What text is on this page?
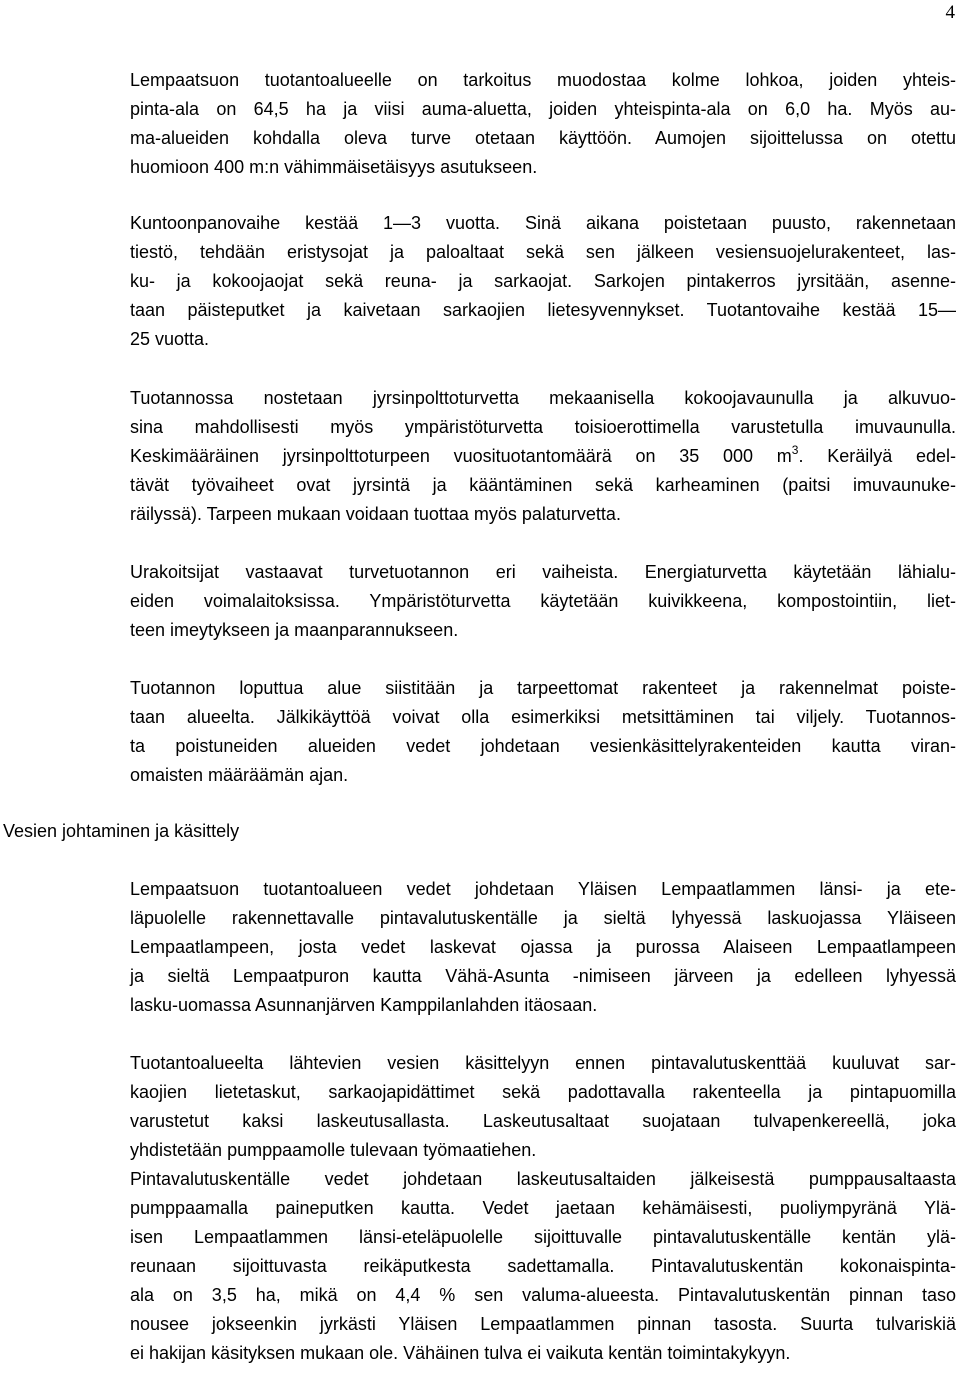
4
Lempaatsuon tuotantoalueelle on tarkoitus muodostaa kolme lohkoa, joiden yhteis-
pinta-ala on 64,5 ha ja viisi auma-aluetta, joiden yhteispinta-ala on 6,0 ha. Myös au-
ma-alueiden kohdalla oleva turve otetaan käyttöön. Aumojen sijoittelussa on otettu
huomioon 400 m:n vähimmäisetäisyys asutukseen.
Kuntoonpanovaihe kestää 1—3 vuotta. Sinä aikana poistetaan puusto, rakennetaan
tiestö, tehdään eristysojat ja paloaltaat sekä sen jälkeen vesiensuojelurakenteet, las-
ku- ja kokoojaojat sekä reuna- ja sarkaojat. Sarkojen pintakerros jyrsitään, asenne-
taan päisteputket ja kaivetaan sarkaojien lietesyvennykset. Tuotantovaihe kestää 15—
25 vuotta.
Tuotannossa nostetaan jyrsinpolttoturvetta mekaanisella kokoojavaunulla ja alkuvuo-
sina mahdollisesti myös ympäristöturvetta toisioerottimella varustetulla imuvaunulla.
Keskimääräinen jyrsinpolttoturpeen vuosituotantomäärä on 35 000 $m^3$. Keräilyä edel-
tävät työvaiheet ovat jyrsintä ja kääntäminen sekä karheaminen (paitsi imuvaunuke-
räilyssä). Tarpeen mukaan voidaan tuottaa myös palaturvetta.
Urakoitsijat vastaavat turvetuotannon eri vaiheista. Energiaturvetta käytetään lähialu-
eiden voimalaitoksissa. Ympäristöturvetta käytetään kuivikkeena, kompostointiin, liet-
teen imeytykseen ja maanparannukseen.
Tuotannon loputtua alue siistitään ja tarpeettomat rakenteet ja rakennelmat poiste-
taan alueelta. Jälkikäyttöä voivat olla esimerkiksi metsittäminen tai viljely. Tuotannos-
ta poistuneiden alueiden vedet johdetaan vesienkäsittelyrakenteiden kautta viran-
omaisten määräämän ajan.
Vesien johtaminen ja käsittely
Lempaatsuon tuotantoalueen vedet johdetaan Yläisen Lempaatlammen länsi- ja ete-
läpuolelle rakennettavalle pintavalutuskentälle ja sieltä lyhyessä laskuojassa Yläiseen
Lempaatlampeen, josta vedet laskevat ojassa ja purossa Alaiseen Lempaatlampeen
ja sieltä Lempaatpuron kautta Vähä-Asunta -nimiseen järveen ja edelleen lyhyessä
lasku-uomassa Asunnanjärven Kamppilanlahden itäosaan.
Tuotantoalueelta lähtevien vesien käsittelyyn ennen pintavalutuskenttää kuuluvat sar-
kaojien lietetaskut, sarkaojapidättimet sekä padottavalla rakenteella ja pintapuomilla
varustetut kaksi laskeutusallasta. Laskeutusaltaat suojataan tulvapenkereellä, joka
yhdistetään pumppaamolle tulevaan työmaatiehen.
Pintavalutuskentälle vedet johdetaan laskeutusaltaiden jälkeisestä pumppausaltaasta
pumppaamalla paineputken kautta. Vedet jaetaan kehämäisesti, puoliympyränä Ylä-
isen Lempaatlammen länsi-eteläpuolelle sijoittuvalle pintavalutuskentälle kentän ylä-
reunaan sijoittuvasta reikäputkesta sadettamalla. Pintavalutuskentän kokonaispinta-
ala on 3,5 ha, mikä on 4,4 % sen valuma-alueesta. Pintavalutuskentän pinnan taso
nousee jokseenkin jyrkästi Yläisen Lempaatlammen pinnan tasosta. Suurta tulvariskiä
ei hakijan käsityksen mukaan ole. Vähäinen tulva ei vaikuta kentän toimintakykyyn.
